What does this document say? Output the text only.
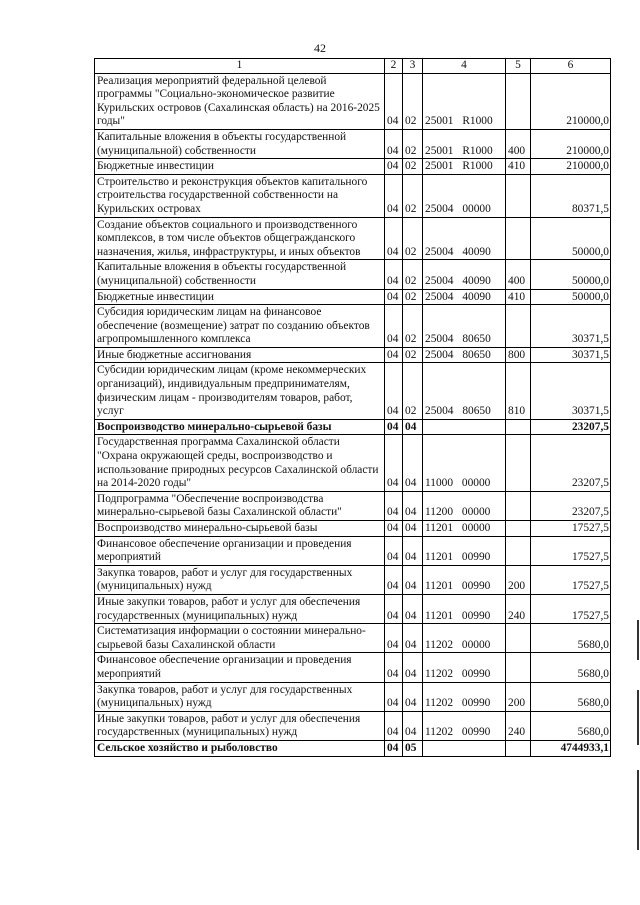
42
1	2	3	4	5	6
Реализация мероприятий федеральной целевой программы "Социально-экономическое развитие Курильских островов (Сахалинская область) на 2016-2025 годы"	04	02	25001 R1000		210000,0
Капитальные вложения в объекты государственной (муниципальной) собственности	04	02	25001 R1000	400	210000,0
Бюджетные инвестиции	04	02	25001 R1000	410	210000,0
Строительство и реконструкция объектов капитального строительства государственной собственности на Курильских островах	04	02	25004 00000		80371,5
Создание объектов социального и производственного комплексов, в том числе объектов общегражданского назначения, жилья, инфраструктуры, и иных объектов	04	02	25004 40090		50000,0
Капитальные вложения в объекты государственной (муниципальной) собственности	04	02	25004 40090	400	50000,0
Бюджетные инвестиции	04	02	25004 40090	410	50000,0
Субсидия юридическим лицам на финансовое обеспечение (возмещение) затрат по созданию объектов агропромышленного комплекса	04	02	25004 80650		30371,5
Иные бюджетные ассигнования	04	02	25004 80650	800	30371,5
Субсидии юридическим лицам (кроме некоммерческих организаций), индивидуальным предпринимателям, физическим лицам - производителям товаров, работ, услуг	04	02	25004 80650	810	30371,5
Воспроизводство минерально-сырьевой базы	04	04			23207,5
Государственная программа Сахалинской области "Охрана окружающей среды, воспроизводство и использование природных ресурсов Сахалинской области на 2014-2020 годы"	04	04	11000 00000		23207,5
Подпрограмма "Обеспечение воспроизводства минерально-сырьевой базы Сахалинской области"	04	04	11200 00000		23207,5
Воспроизводство минерально-сырьевой базы	04	04	11201 00000		17527,5
Финансовое обеспечение организации и проведения мероприятий	04	04	11201 00990		17527,5
Закупка товаров, работ и услуг для государственных (муниципальных) нужд	04	04	11201 00990	200	17527,5
Иные закупки товаров, работ и услуг для обеспечения государственных (муниципальных) нужд	04	04	11201 00990	240	17527,5
Систематизация информации о состоянии минерально-сырьевой базы Сахалинской области	04	04	11202 00000		5680,0
Финансовое обеспечение организации и проведения мероприятий	04	04	11202 00990		5680,0
Закупка товаров, работ и услуг для государственных (муниципальных) нужд	04	04	11202 00990	200	5680,0
Иные закупки товаров, работ и услуг для обеспечения государственных (муниципальных) нужд	04	04	11202 00990	240	5680,0
Сельское хозяйство и рыболовство	04	05			4744933,1
